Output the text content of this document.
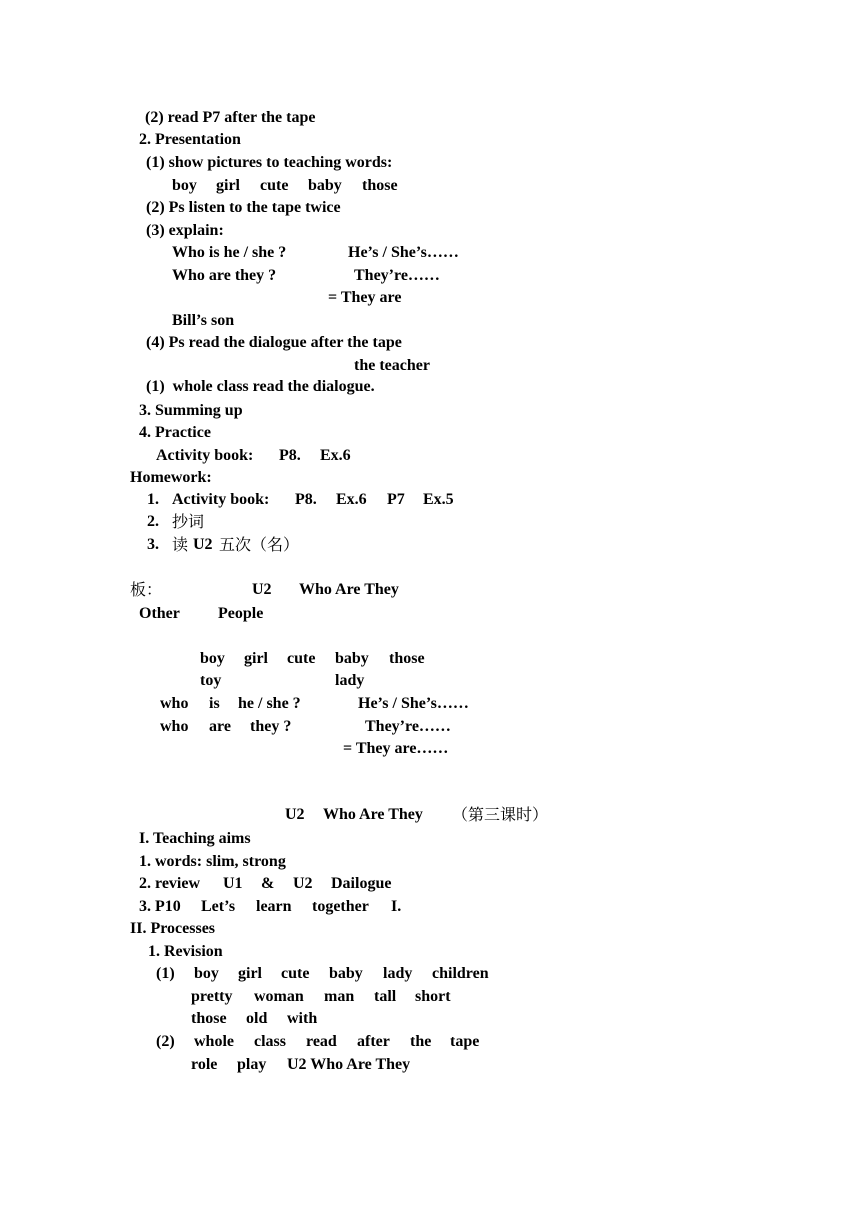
(2) read P7 after the tape
2. Presentation
(1) show pictures to teaching words:
boy girl cute baby those
(2) Ps listen to the tape twice
(3) explain:
Who is he / she ?	He’s / She’s……
Who are they ?	They’re……
= They are
Bill’s son
(4) Ps read the dialogue after the tape
the teacher
(1)  whole class read the dialogue.
3. Summing up
4. Practice
Activity book: P8. Ex.6
Homework:
1. Activity book: P8. Ex.6 P7 Ex.5
2. 抄词
3. 读 U2 五次（名）
板：	U2 Who Are They
Other People
boy girl cute baby those
toy	lady
who is he / she ?	He’s / She’s……
who are they ?	They’re……
= They are……
U2 Who Are They （第三课时）
I. Teaching aims
1. words: slim, strong
2. review U1 & U2 Dailogue
3. P10 Let’s learn together I.
II. Processes
1. Revision
(1) boy girl cute baby lady children
pretty woman man tall short
those old with
(2) whole class read after the tape
role play U2 Who Are They
